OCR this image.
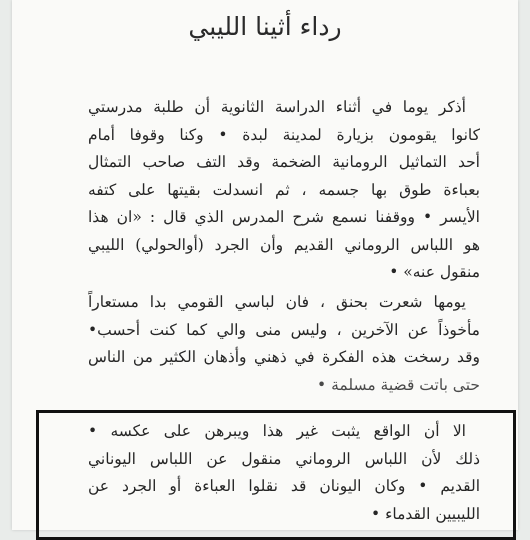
رداء أثينا الليبي
أذكر يوما في أثناء الدراسة الثانوية أن طلبة مدرستي
كانوا يقومون بزيارة لمدينة لبدة • وكنا وقوفا أمام
أحد التماثيل الرومانية الضخمة وقد التف صاحب التمثال
بعباءة طوق بها جسمه ، ثم انسدلت بقيتها على كتفه
الأيسر • ووقفنا نسمع شرح المدرس الذي قال : «ان هذا
هو اللباس الروماني القديم وأن الجرد (أوالحولي) الليبي
منقول عنه» •
يومها شعرت بحنق ، فان لباسي القومي بدا مستعاراً
مأخوذاً عن الآخرين ، وليس منى والي كما كنت أحسب•
وقد رسخت هذه الفكرة في ذهني وأذهان الكثير من الناس
حتى باتت قضية مسلمة •
الا أن الواقع يثبت غير هذا ويبرهن على عكسه •
ذلك لأن اللباس الروماني منقول عن اللباس اليوناني
القديم • وكان اليونان قد نقلوا العباءة أو الجرد عن
الليبيين القدماء •
